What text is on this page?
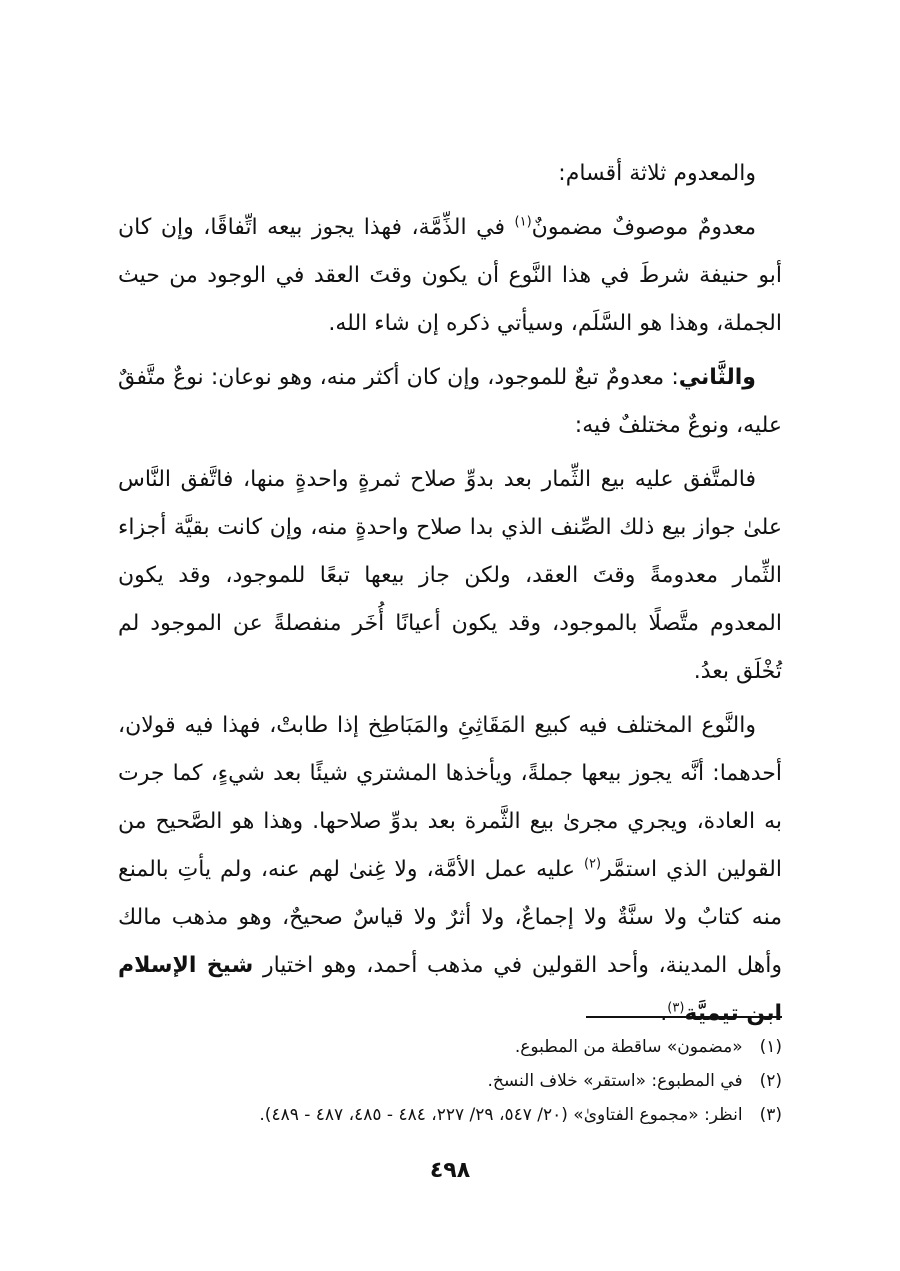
والمعدوم ثلاثة أقسام:

معدومٌ موصوفٌ مضمونٌ$^{(١)}$ في الذِّمَّة، فهذا يجوز بيعه اتِّفاقًا، وإن كان أبو حنيفة شرطَ في هذا النَّوع أن يكون وقتَ العقد في الوجود من حيث الجملة، وهذا هو السَّلَم، وسيأتي ذكره إن شاء الله.

والثَّاني: معدومٌ تبعٌ للموجود، وإن كان أكثر منه، وهو نوعان: نوعٌ متَّفقٌ عليه، ونوعٌ مختلفٌ فيه:

فالمتَّفق عليه بيع الثِّمار بعد بدوِّ صلاح ثمرةٍ واحدةٍ منها، فاتَّفق النَّاس علىٰ جواز بيع ذلك الصِّنف الذي بدا صلاح واحدةٍ منه، وإن كانت بقيَّة أجزاء الثِّمار معدومةً وقتَ العقد، ولكن جاز بيعها تبعًا للموجود، وقد يكون المعدوم متَّصلًا بالموجود، وقد يكون أعيانًا أُخَر منفصلةً عن الموجود لم تُخْلَق بعدُ.

والنَّوع المختلف فيه كبيع المَقَاثِئِ والمَبَاطِخ إذا طابتْ، فهذا فيه قولان، أحدهما: أنَّه يجوز بيعها جملةً، ويأخذها المشتري شيئًا بعد شيءٍ، كما جرت به العادة، ويجري مجرىٰ بيع الثَّمرة بعد بدوِّ صلاحها. وهذا هو الصَّحيح من القولين الذي استمَّر$^{(٢)}$ عليه عمل الأمَّة، ولا غِنىٰ لهم عنه، ولم يأتِ بالمنع منه كتابٌ ولا سنَّةٌ ولا إجماعٌ، ولا أثرٌ ولا قياسٌ صحيحٌ، وهو مذهب مالك وأهل المدينة، وأحد القولين في مذهب أحمد، وهو اختيار شيخ الإسلام ابن تيميَّة$^{(٣)}$.

(١) «مضمون» ساقطة من المطبوع.

(٢) في المطبوع: «استقر» خلاف النسخ.

(٣) انظر: «مجموع الفتاوىٰ» (٢٠/ ٥٤٧، ٢٩/ ٢٢٧، ٤٨٤ - ٤٨٥، ٤٨٧ - ٤٨٩).

٤٩٨
